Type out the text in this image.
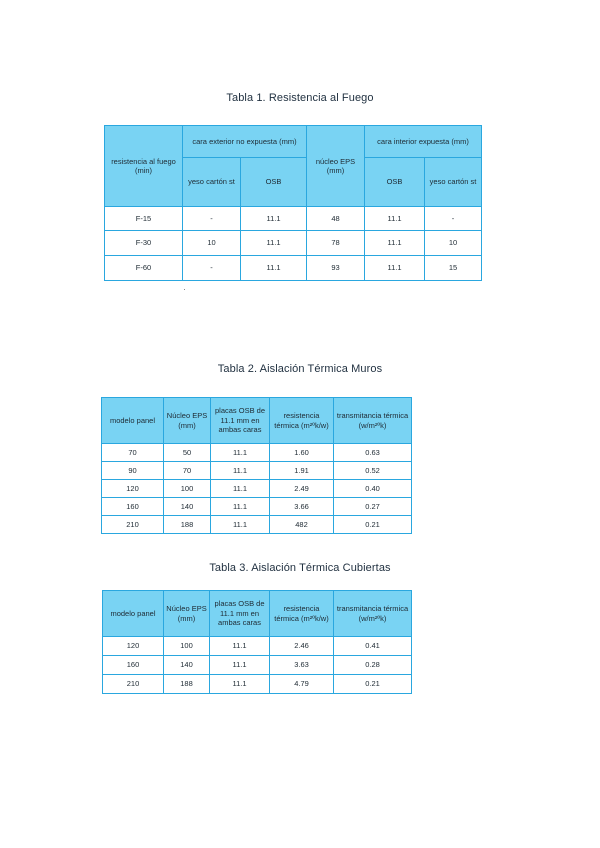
Tabla 1. Resistencia al Fuego
resistencia al fuego (min)	cara exterior no expuesta (mm)		núcleo EPS (mm)	cara interior expuesta (mm)	
	yeso cartón st	OSB		OSB	yeso cartón st
F-15	-	11.1	48	11.1	-
F-30	10	11.1	78	11.1	10
F-60	-	11.1	93	11.1	15
Tabla 2. Aislación Térmica Muros
modelo panel	Núcleo EPS (mm)	placas OSB de 11.1 mm en ambas caras	resistencia térmica (m²ºk/w)	transmitancia térmica (w/m²ºk)
70	50	11.1	1.60	0.63
90	70	11.1	1.91	0.52
120	100	11.1	2.49	0.40
160	140	11.1	3.66	0.27
210	188	11.1	482	0.21
Tabla 3. Aislación Térmica Cubiertas
modelo panel	Núcleo EPS (mm)	placas OSB de 11.1 mm en ambas caras	resistencia térmica (m²ºk/w)	transmitancia térmica (w/m²ºk)
120	100	11.1	2.46	0.41
160	140	11.1	3.63	0.28
210	188	11.1	4.79	0.21
